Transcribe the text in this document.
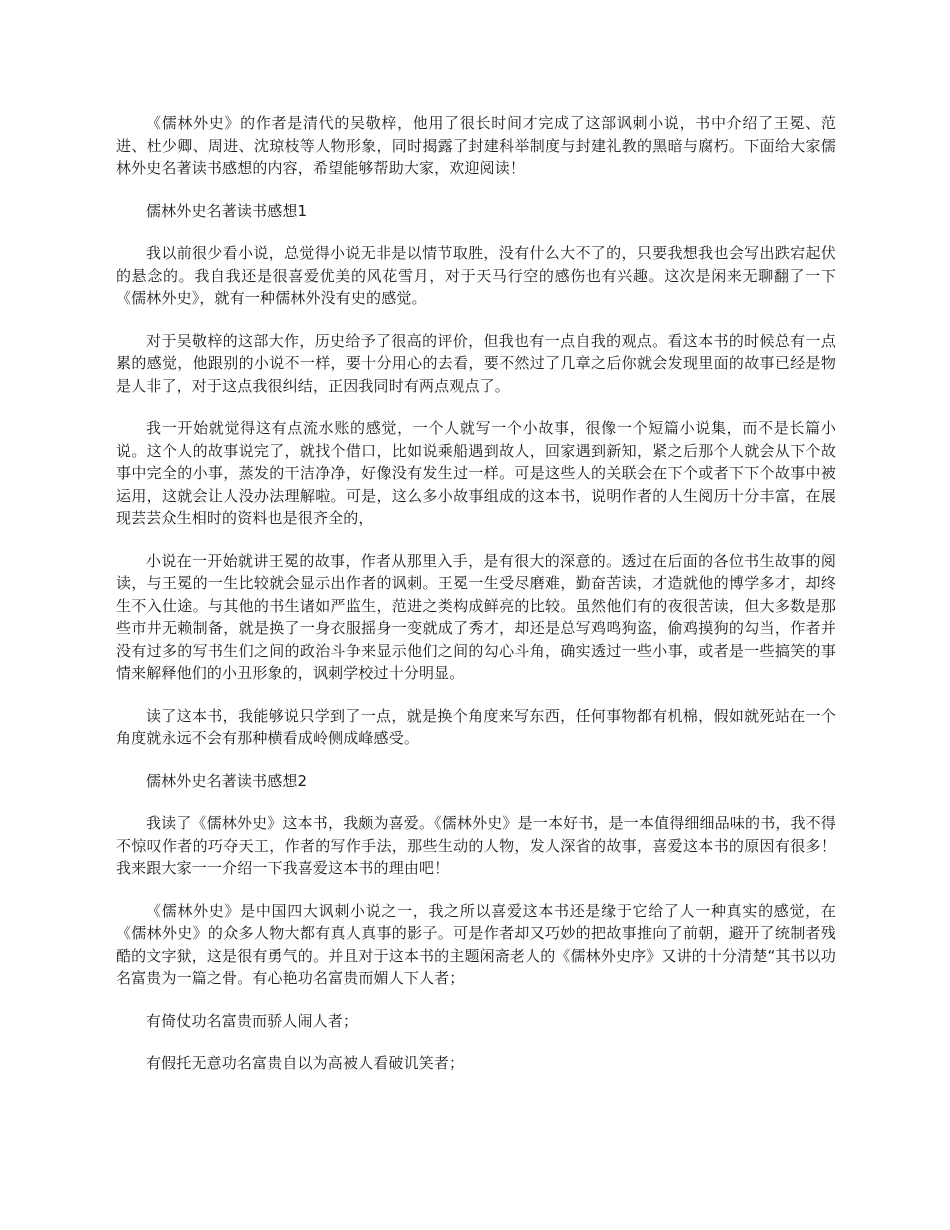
《儒林外史》的作者是清代的吴敬梓，他用了很长时间才完成了这部讽刺小说，书中介绍了王冕、范进、杜少卿、周进、沈琼枝等人物形象，同时揭露了封建科举制度与封建礼教的黑暗与腐朽。下面给大家儒林外史名著读书感想的内容，希望能够帮助大家，欢迎阅读！

儒林外史名著读书感想1

我以前很少看小说，总觉得小说无非是以情节取胜，没有什么大不了的，只要我想我也会写出跌宕起伏的悬念的。我自我还是很喜爱优美的风花雪月，对于天马行空的感伤也有兴趣。这次是闲来无聊翻了一下《儒林外史》，就有一种儒林外没有史的感觉。

对于吴敬梓的这部大作，历史给予了很高的评价，但我也有一点自我的观点。看这本书的时候总有一点累的感觉，他跟别的小说不一样，要十分用心的去看，要不然过了几章之后你就会发现里面的故事已经是物是人非了，对于这点我很纠结，正因我同时有两点观点了。

我一开始就觉得这有点流水账的感觉，一个人就写一个小故事，很像一个短篇小说集，而不是长篇小说。这个人的故事说完了，就找个借口，比如说乘船遇到故人，回家遇到新知，紧之后那个人就会从下个故事中完全的小事，蒸发的干洁净净，好像没有发生过一样。可是这些人的关联会在下个或者下下个故事中被运用，这就会让人没办法理解啦。可是，这么多小故事组成的这本书，说明作者的人生阅历十分丰富，在展现芸芸众生相时的资料也是很齐全的，

小说在一开始就讲王冕的故事，作者从那里入手，是有很大的深意的。透过在后面的各位书生故事的阅读，与王冕的一生比较就会显示出作者的讽刺。王冕一生受尽磨难，勤奋苦读，才造就他的博学多才，却终生不入仕途。与其他的书生诸如严监生，范进之类构成鲜亮的比较。虽然他们有的夜很苦读，但大多数是那些市井无赖制备，就是换了一身衣服摇身一变就成了秀才，却还是总写鸡鸣狗盗，偷鸡摸狗的勾当，作者并没有过多的写书生们之间的政治斗争来显示他们之间的勾心斗角，确实透过一些小事，或者是一些搞笑的事情来解释他们的小丑形象的，讽刺学校过十分明显。

读了这本书，我能够说只学到了一点，就是换个角度来写东西，任何事物都有机棉，假如就死站在一个角度就永远不会有那种横看成岭侧成峰感受。

儒林外史名著读书感想2

我读了《儒林外史》这本书，我颇为喜爱。《儒林外史》是一本好书，是一本值得细细品味的书，我不得不惊叹作者的巧夺天工，作者的写作手法，那些生动的人物，发人深省的故事，喜爱这本书的原因有很多！我来跟大家一一介绍一下我喜爱这本书的理由吧！

《儒林外史》是中国四大讽刺小说之一，我之所以喜爱这本书还是缘于它给了人一种真实的感觉，在《儒林外史》的众多人物大都有真人真事的影子。可是作者却又巧妙的把故事推向了前朝，避开了统制者残酷的文字狱，这是很有勇气的。并且对于这本书的主题闲斋老人的《儒林外史序》又讲的十分清楚“其书以功名富贵为一篇之骨。有心艳功名富贵而媚人下人者；

有倚仗功名富贵而骄人闹人者；

有假托无意功名富贵自以为高被人看破讥笑者；
